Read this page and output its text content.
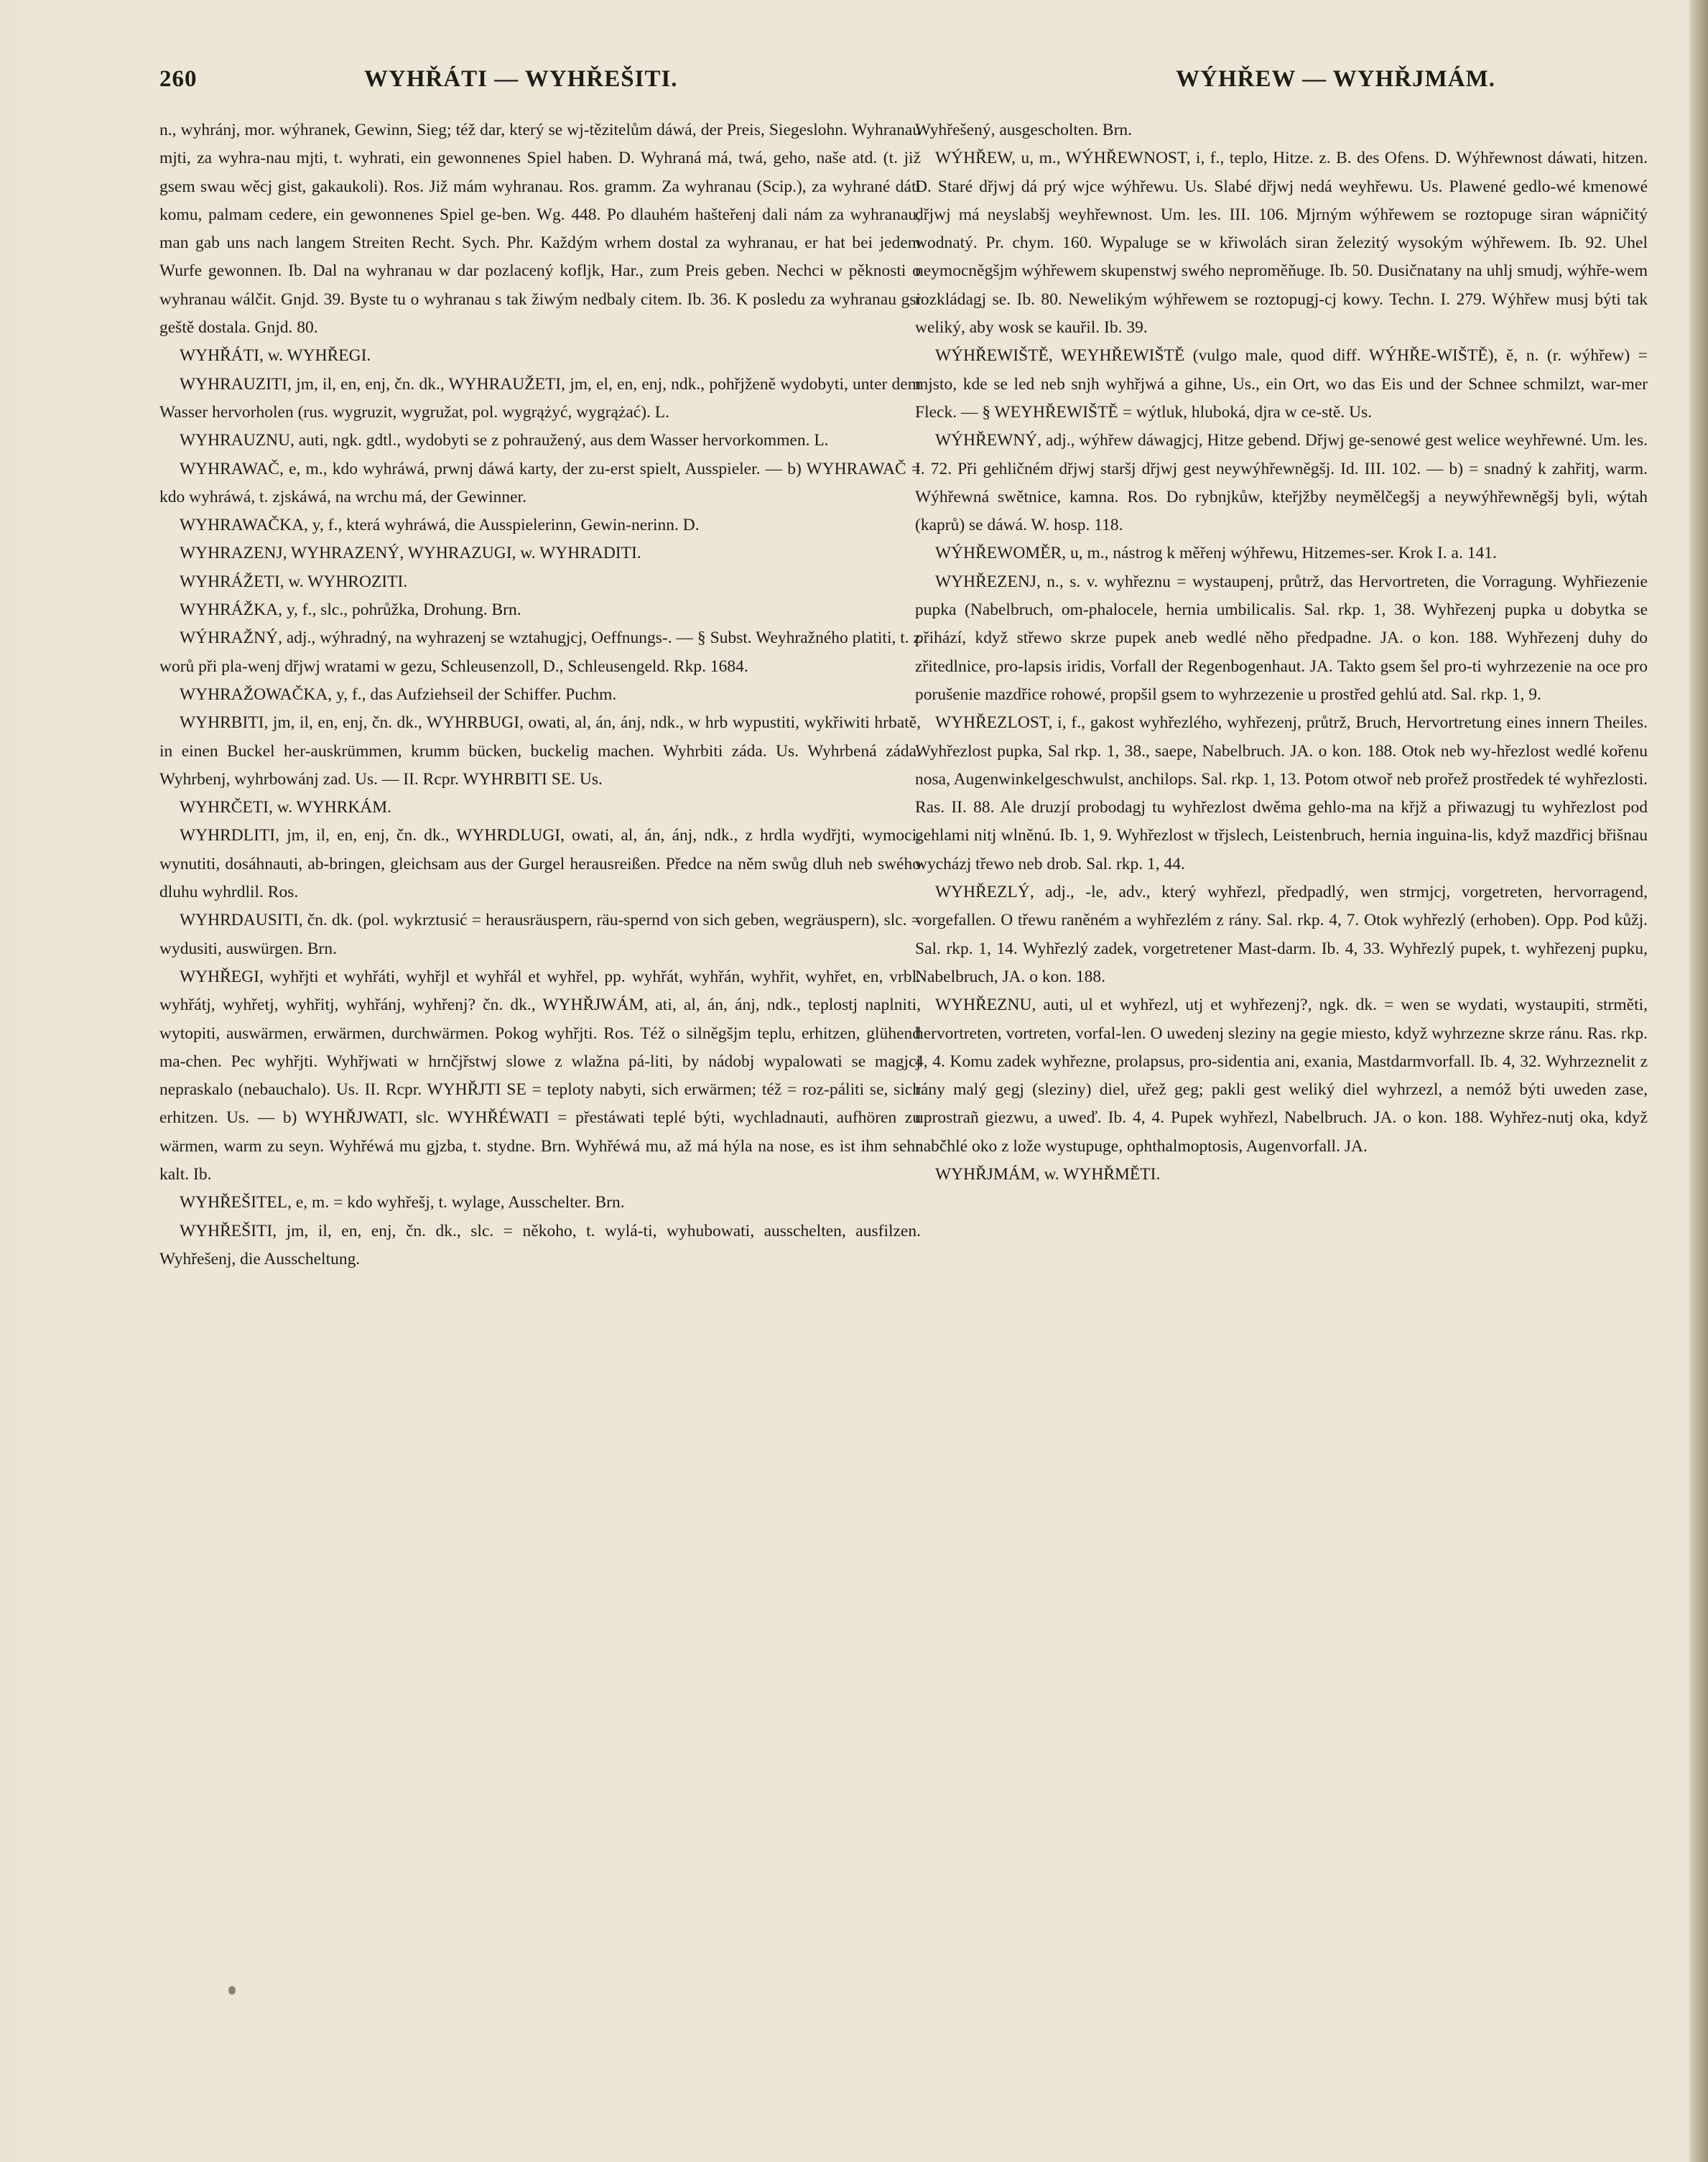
260	WYHŘÁTI — WYHŘEŠITI.	WÝHŘEW — WYHŘJMÁM.

n., wyhránj, mor. wýhranek, Gewinn, Sieg; též dar, který se wj-tězitelům dáwá, der Preis, Siegeslohn. Wyhranau mjti, za wyhra-nau mjti, t. wyhrati, ein gewonnenes Spiel haben. D. Wyhraná má, twá, geho, naše atd. (t. již gsem swau wěcj gist, gakaukoli). Ros. Již mám wyhranau. Ros. gramm. Za wyhranau (Scip.), za wyhrané dáti komu, palmam cedere, ein gewonnenes Spiel ge-ben. Wg. 448. Po dlauhém hašteřenj dali nám za wyhranau, man gab uns nach langem Streiten Recht. Sych. Phr. Každým wrhem dostal za wyhranau, er hat bei jedem Wurfe gewonnen. Ib. Dal na wyhranau w dar pozlacený kofljk, Har., zum Preis geben. Nechci w pěknosti o wyhranau wálčit. Gnjd. 39. Byste tu o wyhranau s tak žiwým nedbaly citem. Ib. 36. K posledu za wyhranau gsi geště dostala. Gnjd. 80.

WYHŘÁTI, w. WYHŘEGI.

WYHRAUZITI, jm, il, en, enj, čn. dk., WYHRAUŽETI, jm, el, en, enj, ndk., pohřjženě wydobyti, unter dem Wasser hervorholen (rus. wygruzit, wygružat, pol. wygrążyć, wygrążać). L.

WYHRAUZNU, auti, ngk. gdtl., wydobyti se z pohraužený, aus dem Wasser hervorkommen. L.

WYHRAWAČ, e, m., kdo wyhráwá, prwnj dáwá karty, der zu-erst spielt, Ausspieler. — b) WYHRAWAČ = kdo wyhráwá, t. zjskáwá, na wrchu má, der Gewinner.

WYHRAWAČKA, y, f., která wyhráwá, die Ausspielerinn, Gewin-nerinn. D.

WYHRAZENJ, WYHRAZENÝ, WYHRAZUGI, w. WYHRADITI.

WYHRÁŽETI, w. WYHROZITI.

WYHRÁŽKA, y, f., slc., pohrůžka, Drohung. Brn.

WÝHRAŽNÝ, adj., wýhradný, na wyhrazenj se wztahugjcj, Oeffnungs-. — § Subst. Weyhražného platiti, t. z worů při pla-wenj dřjwj wratami w gezu, Schleusenzoll, D., Schleusengeld. Rkp. 1684.

WYHRAŽOWAČKA, y, f., das Aufziehseil der Schiffer. Puchm.

WYHRBITI, jm, il, en, enj, čn. dk., WYHRBUGI, owati, al, án, ánj, ndk., w hrb wypustiti, wykřiwiti hrbatě, in einen Buckel her-auskrümmen, krumm bücken, buckelig machen. Wyhrbiti záda. Us. Wyhrbená záda. Wyhrbenj, wyhrbowánj zad. Us. — II. Rcpr. WYHRBITI SE. Us.

WYHRČETI, w. WYHRKÁM.

WYHRDLITI, jm, il, en, enj, čn. dk., WYHRDLUGI, owati, al, án, ánj, ndk., z hrdla wydřjti, wymoci, wynutiti, dosáhnauti, ab-bringen, gleichsam aus der Gurgel herausreißen. Předce na něm swůg dluh neb swého dluhu wyhrdlil. Ros.

WYHRDAUSITI, čn. dk. (pol. wykrztusić = herausräuspern, räu-spernd von sich geben, wegräuspern), slc. = wydusiti, auswürgen. Brn.

WYHŘEGI, wyhřjti et wyhřáti, wyhřjl et wyhřál et wyhřel, pp. wyhřát, wyhřán, wyhřit, wyhřet, en, vrbl. wyhřátj, wyhřetj, wyhřitj, wyhřánj, wyhřenj? čn. dk., WYHŘJWÁM, ati, al, án, ánj, ndk., teplostj naplniti, wytopiti, auswärmen, erwärmen, durchwärmen. Pokog wyhřjti. Ros. Též o silněgšjm teplu, erhitzen, glühend ma-chen. Pec wyhřjti. Wyhřjwati w hrnčjřstwj slowe z wlažna pá-liti, by nádobj wypalowati se magjcj nepraskalo (nebauchalo). Us. II. Rcpr. WYHŘJTI SE = teploty nabyti, sich erwärmen; též = roz-páliti se, sich erhitzen. Us. — b) WYHŘJWATI, slc. WYHŘÉWATI = přestáwati teplé býti, wychladnauti, aufhören zu wärmen, warm zu seyn. Wyhřéwá mu gjzba, t. stydne. Brn. Wyhřéwá mu, až má hýla na nose, es ist ihm sehr kalt. Ib.

WYHŘEŠITEL, e, m. = kdo wyhřešj, t. wylage, Ausschelter. Brn.

WYHŘEŠITI, jm, il, en, enj, čn. dk., slc. = někoho, t. wylá-ti, wyhubowati, ausschelten, ausfilzen. Wyhřešenj, die Ausscheltung.

Wyhřešený, ausgescholten. Brn.

WÝHŘEW, u, m., WÝHŘEWNOST, i, f., teplo, Hitze. z. B. des Ofens. D. Wýhřewnost dáwati, hitzen. D. Staré dřjwj dá prý wjce wýhřewu. Us. Slabé dřjwj nedá weyhřewu. Us. Plawené gedlo-wé kmenowé dřjwj má neyslabšj weyhřewnost. Um. les. III. 106. Mjrným wýhřewem se roztopuge siran wápničitý wodnatý. Pr. chym. 160. Wypaluge se w křiwolách siran železitý wysokým wýhřewem. Ib. 92. Uhel neymocněgšjm wýhřewem skupenstwj swého neproměňuge. Ib. 50. Dusičnatany na uhlj smudj, wýhře-wem rozkládagj se. Ib. 80. Newelikým wýhřewem se roztopugj-cj kowy. Techn. I. 279. Wýhřew musj býti tak weliký, aby wosk se kauřil. Ib. 39.

WÝHŘEWIŠTĚ, WEYHŘEWIŠTĚ (vulgo male, quod diff. WÝHŘE-WIŠTĚ), ě, n. (r. wýhřew) = mjsto, kde se led neb snjh wyhřjwá a gihne, Us., ein Ort, wo das Eis und der Schnee schmilzt, war-mer Fleck. — § WEYHŘEWIŠTĚ = wýtluk, hluboká, djra w ce-stě. Us.

WÝHŘEWNÝ, adj., wýhřew dáwagjcj, Hitze gebend. Dřjwj ge-senowé gest welice weyhřewné. Um. les. I. 72. Při gehličném dřjwj staršj dřjwj gest neywýhřewněgšj. Id. III. 102. — b) = snadný k zahřitj, warm. Wýhřewná swětnice, kamna. Ros. Do rybnjkůw, kteřjžby neymělčegšj a neywýhřewněgšj byli, wýtah (kaprů) se dáwá. W. hosp. 118.

WÝHŘEWOMĚR, u, m., nástrog k měřenj wýhřewu, Hitzemes-ser. Krok I. a. 141.

WYHŘEZENJ, n., s. v. wyhřeznu = wystaupenj, průtrž, das Hervortreten, die Vorragung. Wyhřiezenie pupka (Nabelbruch, om-phalocele, hernia umbilicalis. Sal. rkp. 1, 38. Wyhřezenj pupka u dobytka se přihází, když střewo skrze pupek aneb wedlé něho předpadne. JA. o kon. 188. Wyhřezenj duhy do zřitedlnice, pro-lapsis iridis, Vorfall der Regenbogenhaut. JA. Takto gsem šel pro-ti wyhrzezenie na oce pro porušenie mazdřice rohowé, propšil gsem to wyhrzezenie u prostřed gehlú atd. Sal. rkp. 1, 9.

WYHŘEZLOST, i, f., gakost wyhřezlého, wyhřezenj, průtrž, Bruch, Hervortretung eines innern Theiles. Wyhřezlost pupka, Sal rkp. 1, 38., saepe, Nabelbruch. JA. o kon. 188. Otok neb wy-hřezlost wedlé kořenu nosa, Augenwinkelgeschwulst, anchilops. Sal. rkp. 1, 13. Potom otwoř neb prořež prostředek té wyhřezlosti. Ras. II. 88. Ale druzjí probodagj tu wyhřezlost dwěma gehlo-ma na křjž a přiwazugj tu wyhřezlost pod gehlami nitj wlněnú. Ib. 1, 9. Wyhřezlost w třjslech, Leistenbruch, hernia inguina-lis, když mazdřicj břišnau wycházj třewo neb drob. Sal. rkp. 1, 44.

WYHŘEZLÝ, adj., -le, adv., který wyhřezl, předpadlý, wen strmjcj, vorgetreten, hervorragend, vorgefallen. O třewu raněném a wyhřezlém z rány. Sal. rkp. 4, 7. Otok wyhřezlý (erhoben). Opp. Pod kůžj. Sal. rkp. 1, 14. Wyhřezlý zadek, vorgetretener Mast-darm. Ib. 4, 33. Wyhřezlý pupek, t. wyhřezenj pupku, Nabelbruch, JA. o kon. 188.

WYHŘEZNU, auti, ul et wyhřezl, utj et wyhřezenj?, ngk. dk. = wen se wydati, wystaupiti, strměti, hervortreten, vortreten, vorfal-len. O uwedenj sleziny na gegie miesto, když wyhrzezne skrze ránu. Ras. rkp. 4, 4. Komu zadek wyhřezne, prolapsus, pro-sidentia ani, exania, Mastdarmvorfall. Ib. 4, 32. Wyhrzeznelit z rány malý gegj (sleziny) diel, uřež geg; pakli gest weliký diel wyhrzezl, a nemóž býti uweden zase, uprostrañ giezwu, a uweď. Ib. 4, 4. Pupek wyhřezl, Nabelbruch. JA. o kon. 188. Wyhřez-nutj oka, když nabčhlé oko z lože wystupuge, ophthalmoptosis, Augenvorfall. JA.

WYHŘJMÁM, w. WYHŘMĚTI.
